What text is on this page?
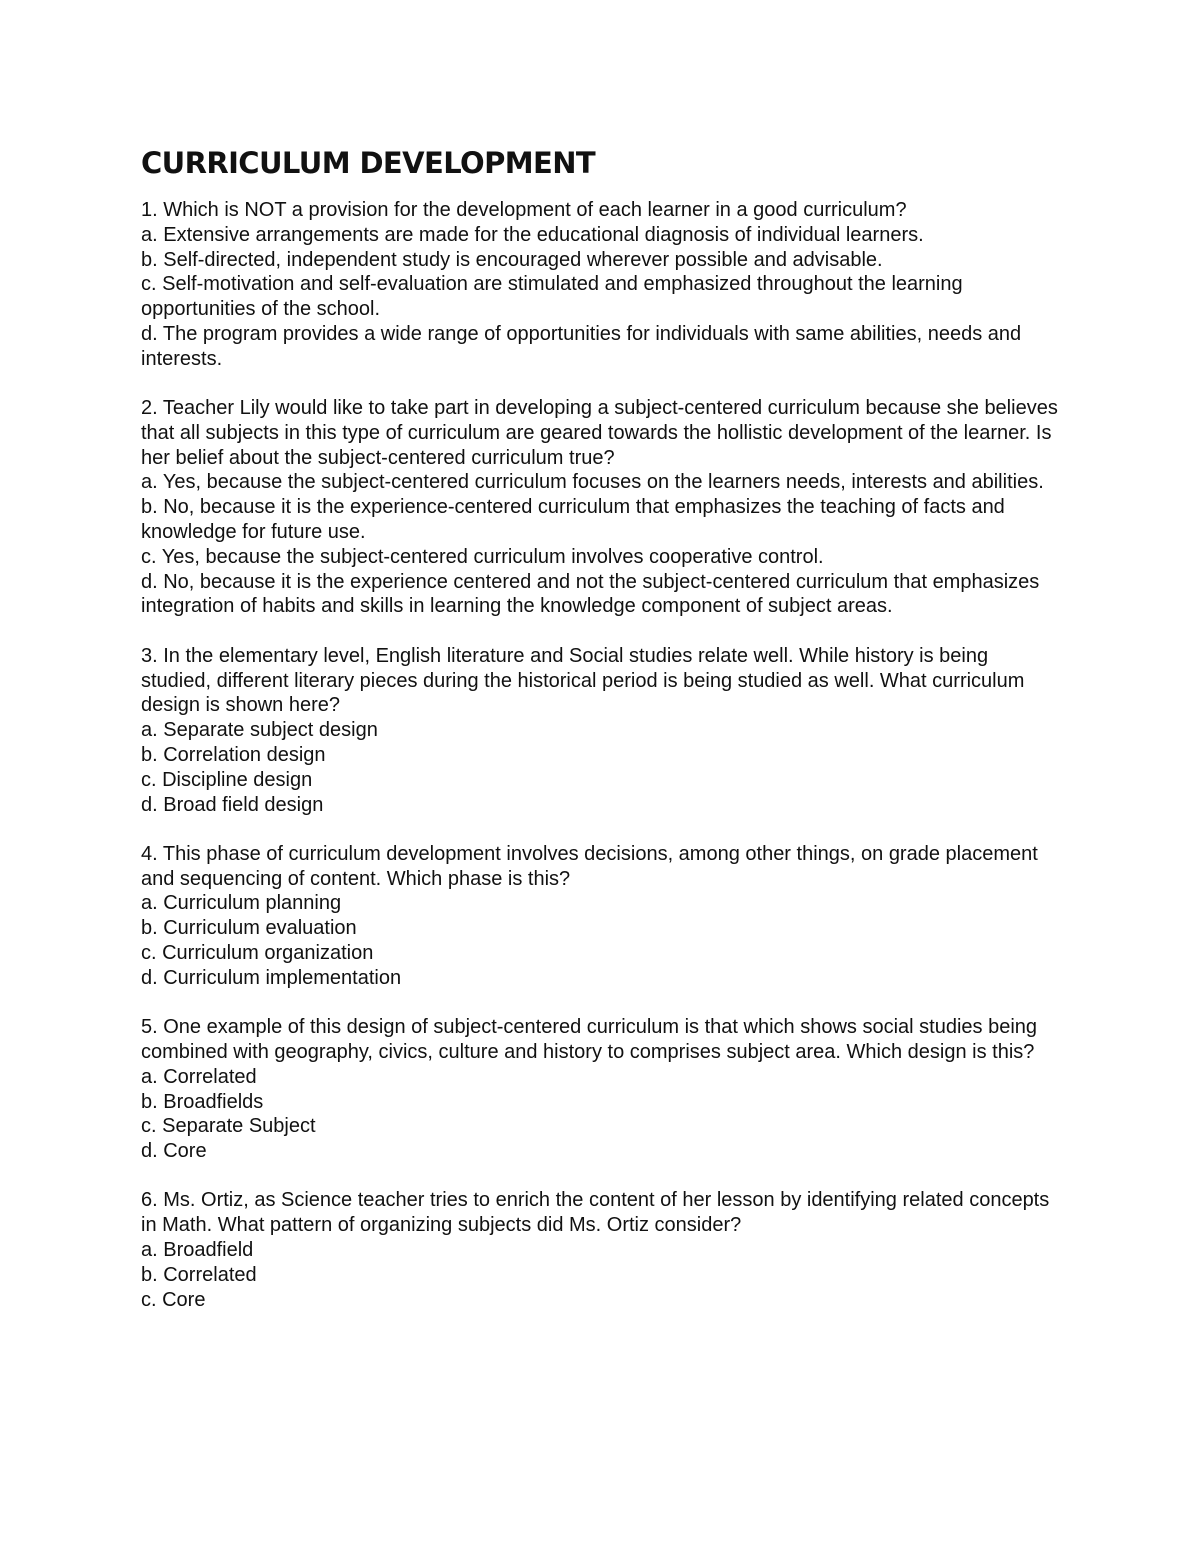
CURRICULUM DEVELOPMENT
1. Which is NOT a provision for the development of each learner in a good curriculum?
a. Extensive arrangements are made for the educational diagnosis of individual learners.
b. Self-directed, independent study is encouraged wherever possible and advisable.
c. Self-motivation and self-evaluation are stimulated and emphasized throughout the learning opportunities of the school.
d. The program provides a wide range of opportunities for individuals with same abilities, needs and interests.
2. Teacher Lily would like to take part in developing a subject-centered curriculum because she believes that all subjects in this type of curriculum are geared towards the hollistic development of the learner. Is her belief about the subject-centered curriculum true?
a. Yes, because the subject-centered curriculum focuses on the learners needs, interests and abilities.
b. No, because it is the experience-centered curriculum that emphasizes the teaching of facts and knowledge for future use.
c. Yes, because the subject-centered curriculum involves cooperative control.
d. No, because it is the experience centered and not the subject-centered curriculum that emphasizes integration of habits and skills in learning the knowledge component of subject areas.
3. In the elementary level, English literature and Social studies relate well. While history is being studied, different literary pieces during the historical period is being studied as well. What curriculum design is shown here?
a. Separate subject design
b. Correlation design
c. Discipline design
d. Broad field design
4. This phase of curriculum development involves decisions, among other things, on grade placement and sequencing of content. Which phase is this?
a. Curriculum planning
b. Curriculum evaluation
c. Curriculum organization
d. Curriculum implementation
5. One example of this design of subject-centered curriculum is that which shows social studies being combined with geography, civics, culture and history to comprises subject area. Which design is this?
a. Correlated
b. Broadfields
c. Separate Subject
d. Core
6. Ms. Ortiz, as Science teacher tries to enrich the content of her lesson by identifying related concepts in Math. What pattern of organizing subjects did Ms. Ortiz consider?
a. Broadfield
b. Correlated
c. Core
